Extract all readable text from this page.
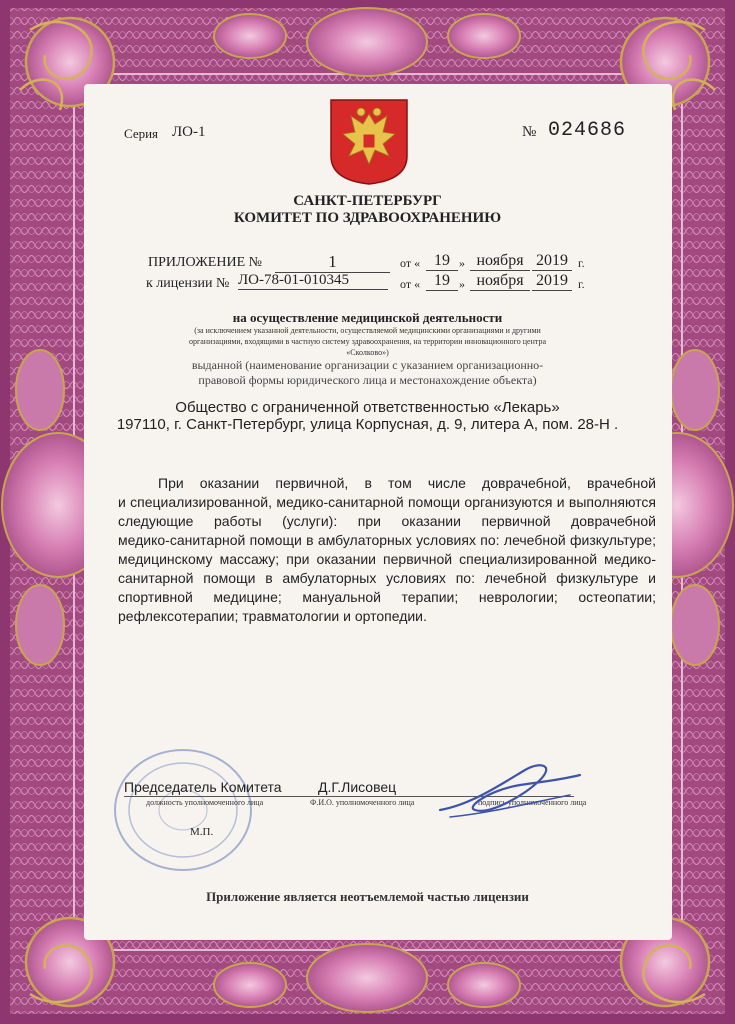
Серия ЛО-1	№ 024686
САНКТ-ПЕТЕРБУРГ
КОМИТЕТ ПО ЗДРАВООХРАНЕНИЮ
ПРИЛОЖЕНИЕ №	1	от « 19 » ноября 2019 г.
к лицензии № ЛО-78-01-010345	от « 19 » ноября 2019 г.
на осуществление медицинской деятельности
(за исключением указанной деятельности, осуществляемой медицинскими организациями и другими
организациями, входящими в частную систему здравоохранения, на территории инновационного центра
«Сколково»)
выданной (наименование организации с указанием организационно-
правовой формы юридического лица и местонахождение объекта)
Общество с ограниченной ответственностью «Лекарь»
197110, г. Санкт-Петербург, улица Корпусная, д. 9, литера А, пом. 28-Н .
При оказании первичной, в том числе доврачебной, врачебной
и специализированной, медико-санитарной помощи организуются и выполняются
следующие работы (услуги): при оказании первичной доврачебной
медико-санитарной помощи в амбулаторных условиях по: лечебной физкультуре;
медицинскому массажу; при оказании первичной специализированной медико-
санитарной помощи в амбулаторных условиях по: лечебной физкультуре и
спортивной медицине; мануальной терапии; неврологии; остеопатии;
рефлексотерапии; травматологии и ортопедии.
Председатель Комитета	Д.Г.Лисовец
должность уполномоченного лица	Ф.И.О. уполномоченного лица	подпись уполномоченного лица
М.П.
Приложение является неотъемлемой частью лицензии
